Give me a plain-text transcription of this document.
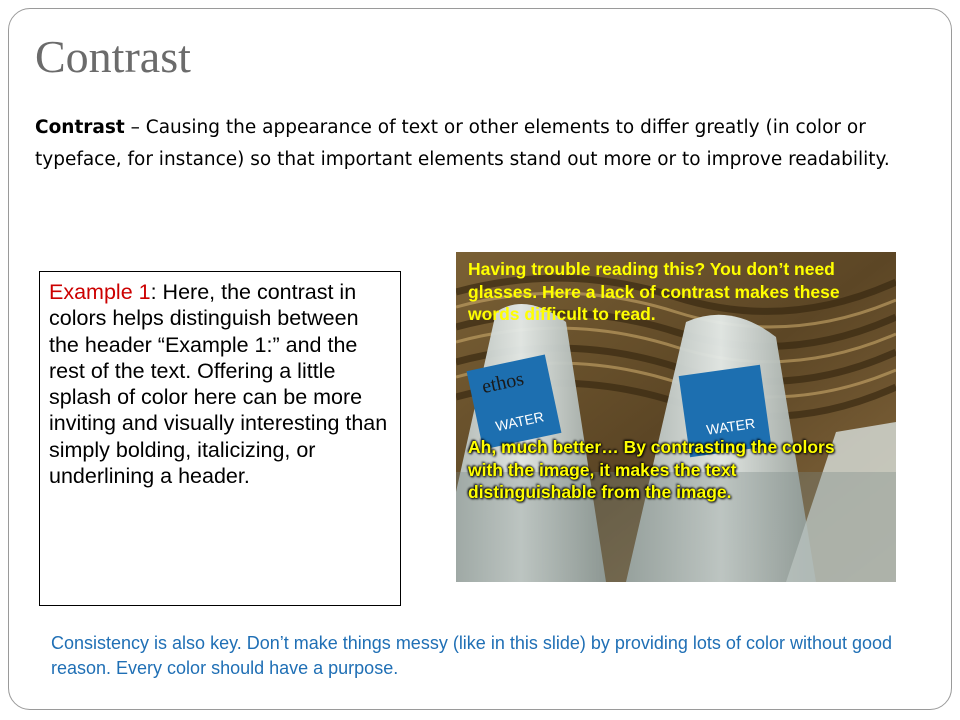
Contrast
Contrast – Causing the appearance of text or other elements to differ greatly (in color or typeface, for instance) so that important elements stand out more or to improve readability.
Example 1: Here, the contrast in colors helps distinguish between the header “Example 1:” and the rest of the text. Offering a little splash of color here can be more inviting and visually interesting than simply bolding, italicizing, or underlining a header.
WATER	WATER
ethos
Having trouble reading this? You don’t need glasses. Here a lack of contrast makes these words difficult to read.
Ah, much better… By contrasting the colors with the image, it makes the text distinguishable from the image.
Consistency is also key. Don’t make things messy (like in this slide) by providing lots of color without good reason. Every color should have a purpose.
